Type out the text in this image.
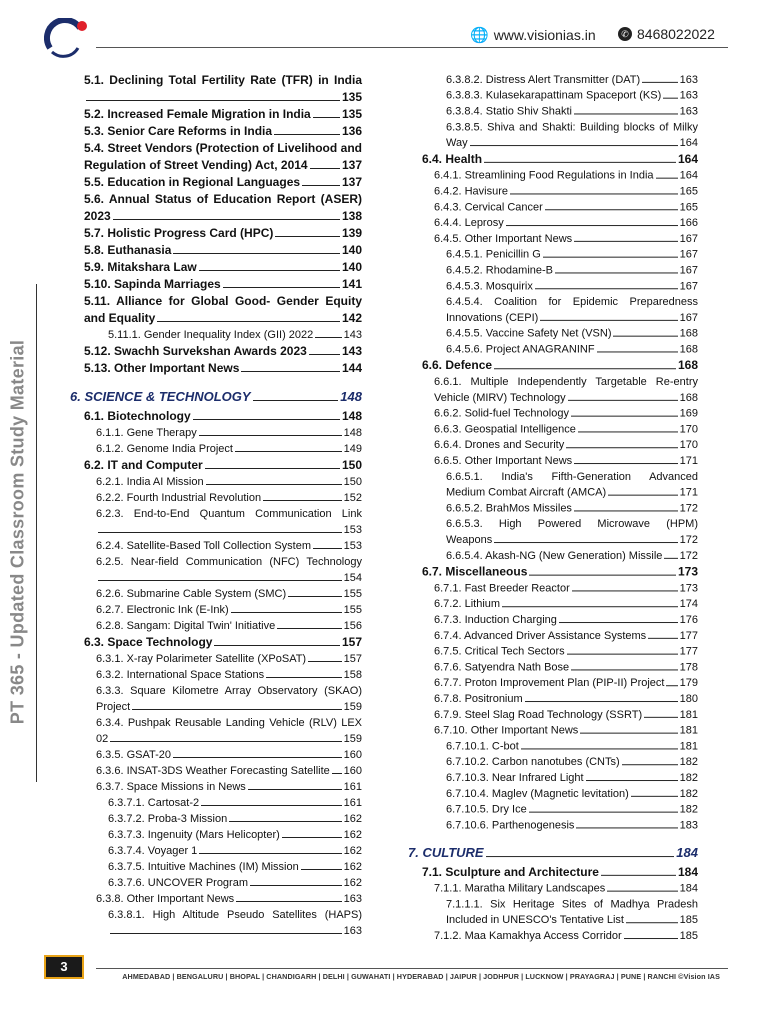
🌐 www.visionias.in	✆ 8468022022
PT 365 - Updated Classroom Study Material
5.1. Declining Total Fertility Rate (TFR) in India
135
5.2. Increased Female Migration in India	135
5.3. Senior Care Reforms in India	136
5.4. Street Vendors (Protection of Livelihood and
Regulation of Street Vending) Act, 2014	137
5.5. Education in Regional Languages	137
5.6. Annual Status of Education Report (ASER)
2023	138
5.7. Holistic Progress Card (HPC)	139
5.8. Euthanasia	140
5.9. Mitakshara Law	140
5.10. Sapinda Marriages	141
5.11. Alliance for Global Good- Gender Equity
and Equality	142
5.11.1. Gender Inequality Index (GII) 2022	143
5.12. Swachh Survekshan Awards 2023	143
5.13. Other Important News	144
6. SCIENCE & TECHNOLOGY	148
6.1. Biotechnology	148
6.1.1. Gene Therapy	148
6.1.2. Genome India Project	149
6.2. IT and Computer	150
6.2.1. India AI Mission	150
6.2.2. Fourth Industrial Revolution	152
6.2.3. End-to-End Quantum Communication Link
153
6.2.4. Satellite-Based Toll Collection System	153
6.2.5. Near-field Communication (NFC) Technology
154
6.2.6. Submarine Cable System (SMC)	155
6.2.7. Electronic Ink (E-Ink)	155
6.2.8. Sangam: Digital Twin' Initiative	156
6.3. Space Technology	157
6.3.1. X-ray Polarimeter Satellite (XPoSAT)	157
6.3.2. International Space Stations	158
6.3.3. Square Kilometre Array Observatory (SKAO)
Project	159
6.3.4. Pushpak Reusable Landing Vehicle (RLV) LEX
02	159
6.3.5. GSAT-20	160
6.3.6. INSAT-3DS Weather Forecasting Satellite 160
6.3.7. Space Missions in News	161
6.3.7.1. Cartosat-2	161
6.3.7.2. Proba-3 Mission	162
6.3.7.3. Ingenuity (Mars Helicopter)	162
6.3.7.4. Voyager 1	162
6.3.7.5. Intuitive Machines (IM) Mission	162
6.3.7.6. UNCOVER Program	162
6.3.8. Other Important News	163
6.3.8.1. High Altitude Pseudo Satellites (HAPS)
163
6.3.8.2. Distress Alert Transmitter (DAT)	163
6.3.8.3. Kulasekarapattinam Spaceport (KS) 163
6.3.8.4. Statio Shiv Shakti	163
6.3.8.5. Shiva and Shakti: Building blocks of Milky
Way	164
6.4. Health	164
6.4.1. Streamlining Food Regulations in India 164
6.4.2. Havisure	165
6.4.3. Cervical Cancer	165
6.4.4. Leprosy	166
6.4.5. Other Important News	167
6.4.5.1. Penicillin G	167
6.4.5.2. Rhodamine-B	167
6.4.5.3. Mosquirix	167
6.4.5.4. Coalition for Epidemic Preparedness
Innovations (CEPI)	167
6.4.5.5. Vaccine Safety Net (VSN)	168
6.4.5.6. Project ANAGRANINF	168
6.6. Defence	168
6.6.1. Multiple Independently Targetable Re-entry
Vehicle (MIRV) Technology	168
6.6.2. Solid-fuel Technology	169
6.6.3. Geospatial Intelligence	170
6.6.4. Drones and Security	170
6.6.5. Other Important News	171
6.6.5.1. India's Fifth-Generation Advanced
Medium Combat Aircraft (AMCA)	171
6.6.5.2. BrahMos Missiles	172
6.6.5.3. High Powered Microwave (HPM)
Weapons	172
6.6.5.4. Akash-NG (New Generation) Missile 172
6.7. Miscellaneous	173
6.7.1. Fast Breeder Reactor	173
6.7.2. Lithium	174
6.7.3. Induction Charging	176
6.7.4. Advanced Driver Assistance Systems	177
6.7.5. Critical Tech Sectors	177
6.7.6. Satyendra Nath Bose	178
6.7.7. Proton Improvement Plan (PIP-II) Project 179
6.7.8. Positronium	180
6.7.9. Steel Slag Road Technology (SSRT)	181
6.7.10. Other Important News	181
6.7.10.1. C-bot	181
6.7.10.2. Carbon nanotubes (CNTs)	182
6.7.10.3. Near Infrared Light	182
6.7.10.4. Maglev (Magnetic levitation)	182
6.7.10.5. Dry Ice	182
6.7.10.6. Parthenogenesis	183
7. CULTURE	184
7.1. Sculpture and Architecture	184
7.1.1. Maratha Military Landscapes	184
7.1.1.1. Six Heritage Sites of Madhya Pradesh
Included in UNESCO's Tentative List	185
7.1.2. Maa Kamakhya Access Corridor	185
3
AHMEDABAD | BENGALURU | BHOPAL | CHANDIGARH | DELHI | GUWAHATI | HYDERABAD | JAIPUR | JODHPUR | LUCKNOW | PRAYAGRAJ | PUNE | RANCHI ©Vision IAS
